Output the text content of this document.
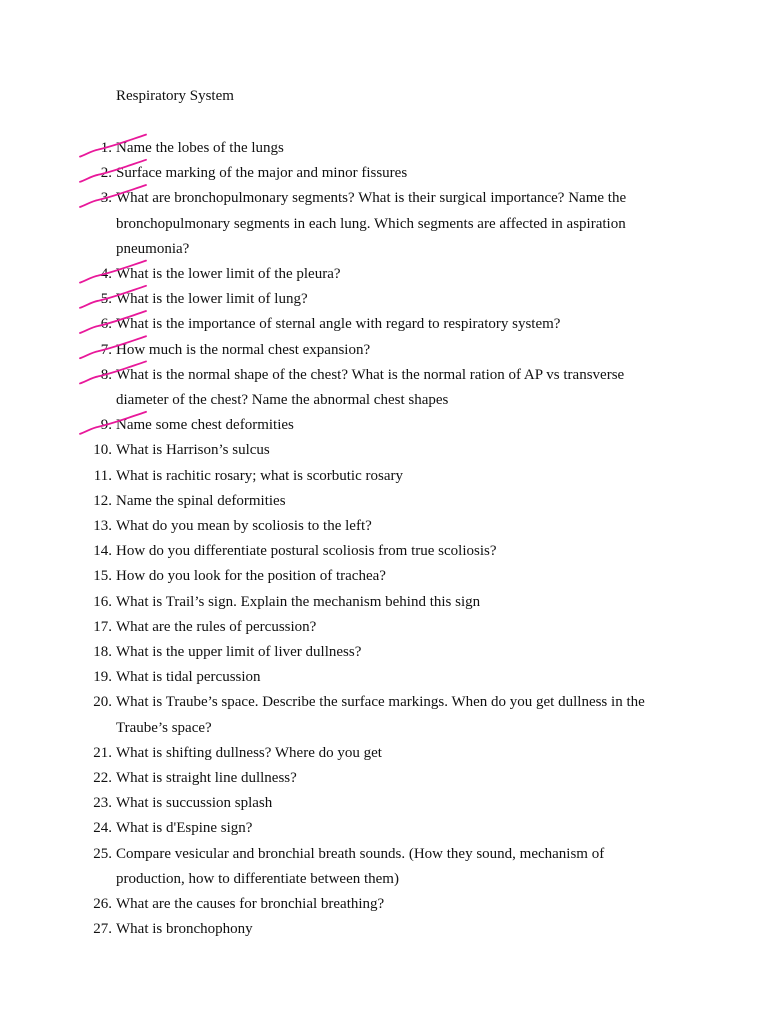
Respiratory System
1. Name the lobes of the lungs
2. Surface marking of the major and minor fissures
3. What are bronchopulmonary segments? What is their surgical importance? Name the
bronchopulmonary segments in each lung. Which segments are affected in aspiration
pneumonia?
4. What is the lower limit of the pleura?
5. What is the lower limit of lung?
6. What is the importance of sternal angle with regard to respiratory system?
7. How much is the normal chest expansion?
8. What is the normal shape of the chest? What is the normal ration of AP vs transverse
diameter of the chest? Name the abnormal chest shapes
9. Name some chest deformities
10. What is Harrison’s sulcus
11. What is rachitic rosary; what is scorbutic rosary
12. Name the spinal deformities
13. What do you mean by scoliosis to the left?
14. How do you differentiate postural scoliosis from true scoliosis?
15. How do you look for the position of trachea?
16. What is Trail’s sign. Explain the mechanism behind this sign
17. What are the rules of percussion?
18. What is the upper limit of liver dullness?
19. What is tidal percussion
20. What is Traube’s space. Describe the surface markings. When do you get dullness in the
Traube’s space?
21. What is shifting dullness? Where do you get
22. What is straight line dullness?
23. What is succussion splash
24. What is d'Espine sign?
25. Compare vesicular and bronchial breath sounds. (How they sound, mechanism of
production, how to differentiate between them)
26. What are the causes for bronchial breathing?
27. What is bronchophony
